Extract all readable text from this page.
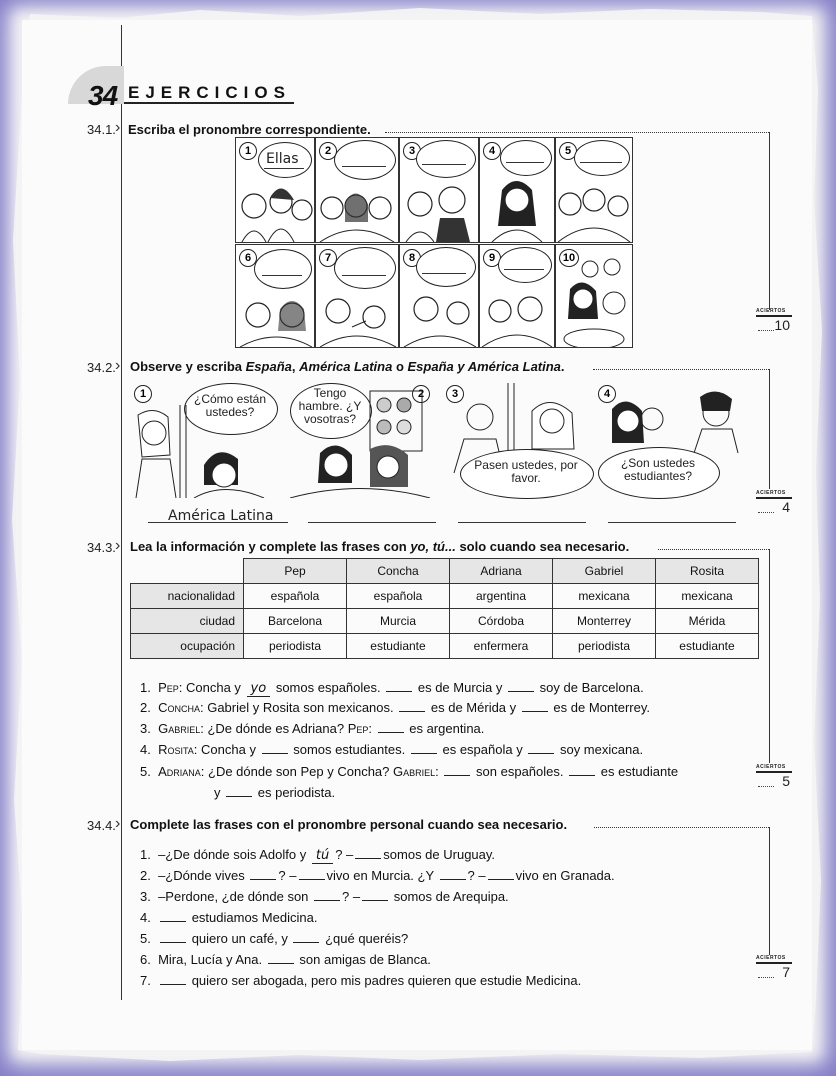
34 EJERCICIOS
34.1. › Escriba el pronombre correspondiente.
1	Ellas	2	3	4	5
6	7	8	9	10
ACIERTOS
10
34.2. › Observe y escriba España, América Latina o España y América Latina.
1	¿Cómo están ustedes?
2
Tengo hambre. ¿Y vosotras?
3
Pasen ustedes, por favor.
4
¿Son ustedes estudiantes?
América Latina
ACIERTOS
4
34.3. › Lea la información y complete las frases con yo, tú... solo cuando sea necesario.
	Pep	Concha	Adriana	Gabriel	Rosita
nacionalidad	española	española	argentina	mexicana	mexicana
ciudad	Barcelona	Murcia	Córdoba	Monterrey	Mérida
ocupación	periodista	estudiante	enfermera	periodista	estudiante
1. Pep: Concha y yo somos españoles.	es de Murcia y	soy de Barcelona.
2. Concha: Gabriel y Rosita son mexicanos.	es de Mérida y	es de Monterrey.
3. Gabriel: ¿De dónde es Adriana? Pep:	es argentina.
4. Rosita: Concha y	somos estudiantes.	es española y	soy mexicana.
5. Adriana: ¿De dónde son Pep y Concha? Gabriel:	son españoles.	es estudiante
y	es periodista.
ACIERTOS
5
34.4. › Complete las frases con el pronombre personal cuando sea necesario.
1. –¿De dónde sois Adolfo y tú ? – somos de Uruguay.
2. –¿Dónde vives	? – vivo en Murcia. ¿Y	? – vivo en Granada.
3. –Perdone, ¿de dónde son	? –	somos de Arequipa.
4.	estudiamos Medicina.
5.	quiero un café, y	¿qué queréis?
6. Mira, Lucía y Ana.	son amigas de Blanca.
7.	quiero ser abogada, pero mis padres quieren que estudie Medicina.
ACIERTOS
7
